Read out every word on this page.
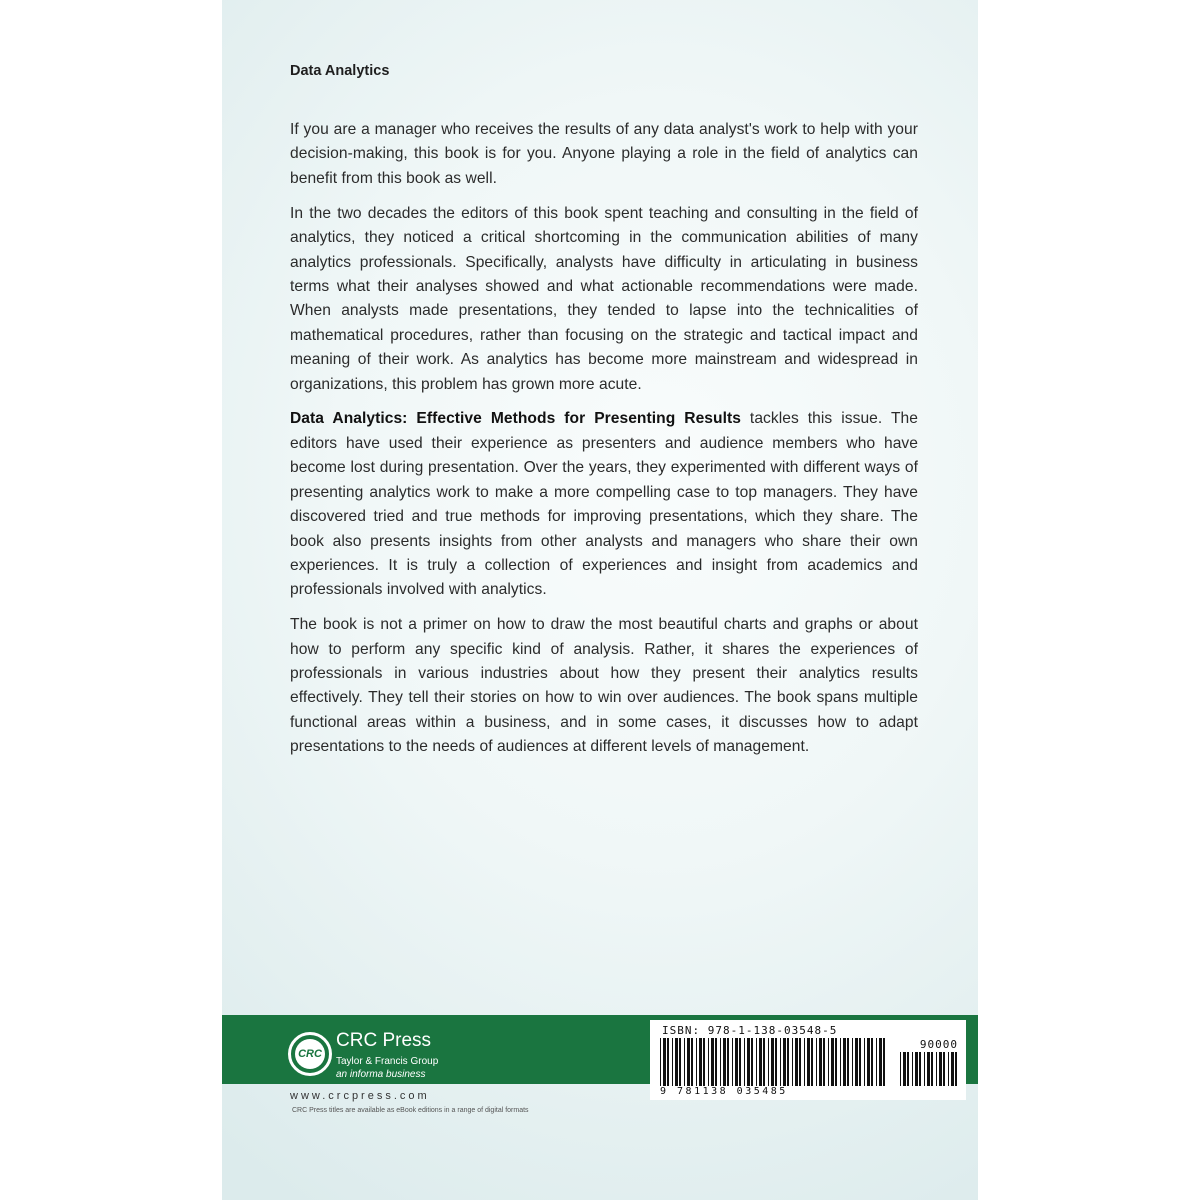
Data Analytics

If you are a manager who receives the results of any data analyst's work to help with your decision-making, this book is for you. Anyone playing a role in the field of analytics can benefit from this book as well.

In the two decades the editors of this book spent teaching and consulting in the field of analytics, they noticed a critical shortcoming in the communication abilities of many analytics professionals. Specifically, analysts have difficulty in articulating in business terms what their analyses showed and what actionable recommendations were made. When analysts made presentations, they tended to lapse into the technicalities of mathematical procedures, rather than focusing on the strategic and tactical impact and meaning of their work. As analytics has become more mainstream and widespread in organizations, this problem has grown more acute.

Data Analytics: Effective Methods for Presenting Results tackles this issue. The editors have used their experience as presenters and audience members who have become lost during presentation. Over the years, they experimented with different ways of presenting analytics work to make a more compelling case to top managers. They have discovered tried and true methods for improving presentations, which they share. The book also presents insights from other analysts and managers who share their own experiences. It is truly a collection of experiences and insight from academics and professionals involved with analytics.

The book is not a primer on how to draw the most beautiful charts and graphs or about how to perform any specific kind of analysis. Rather, it shares the experiences of professionals in various industries about how they present their analytics results effectively. They tell their stories on how to win over audiences. The book spans multiple functional areas within a business, and in some cases, it discusses how to adapt presentations to the needs of audiences at different levels of management.

CRC
CRC Press
Taylor & Francis Group
an informa business
www.crcpress.com
ISBN: 978-1-138-03548-5
90000
9 781138 035485
CRC Press titles are available as eBook editions in a range of digital formats
